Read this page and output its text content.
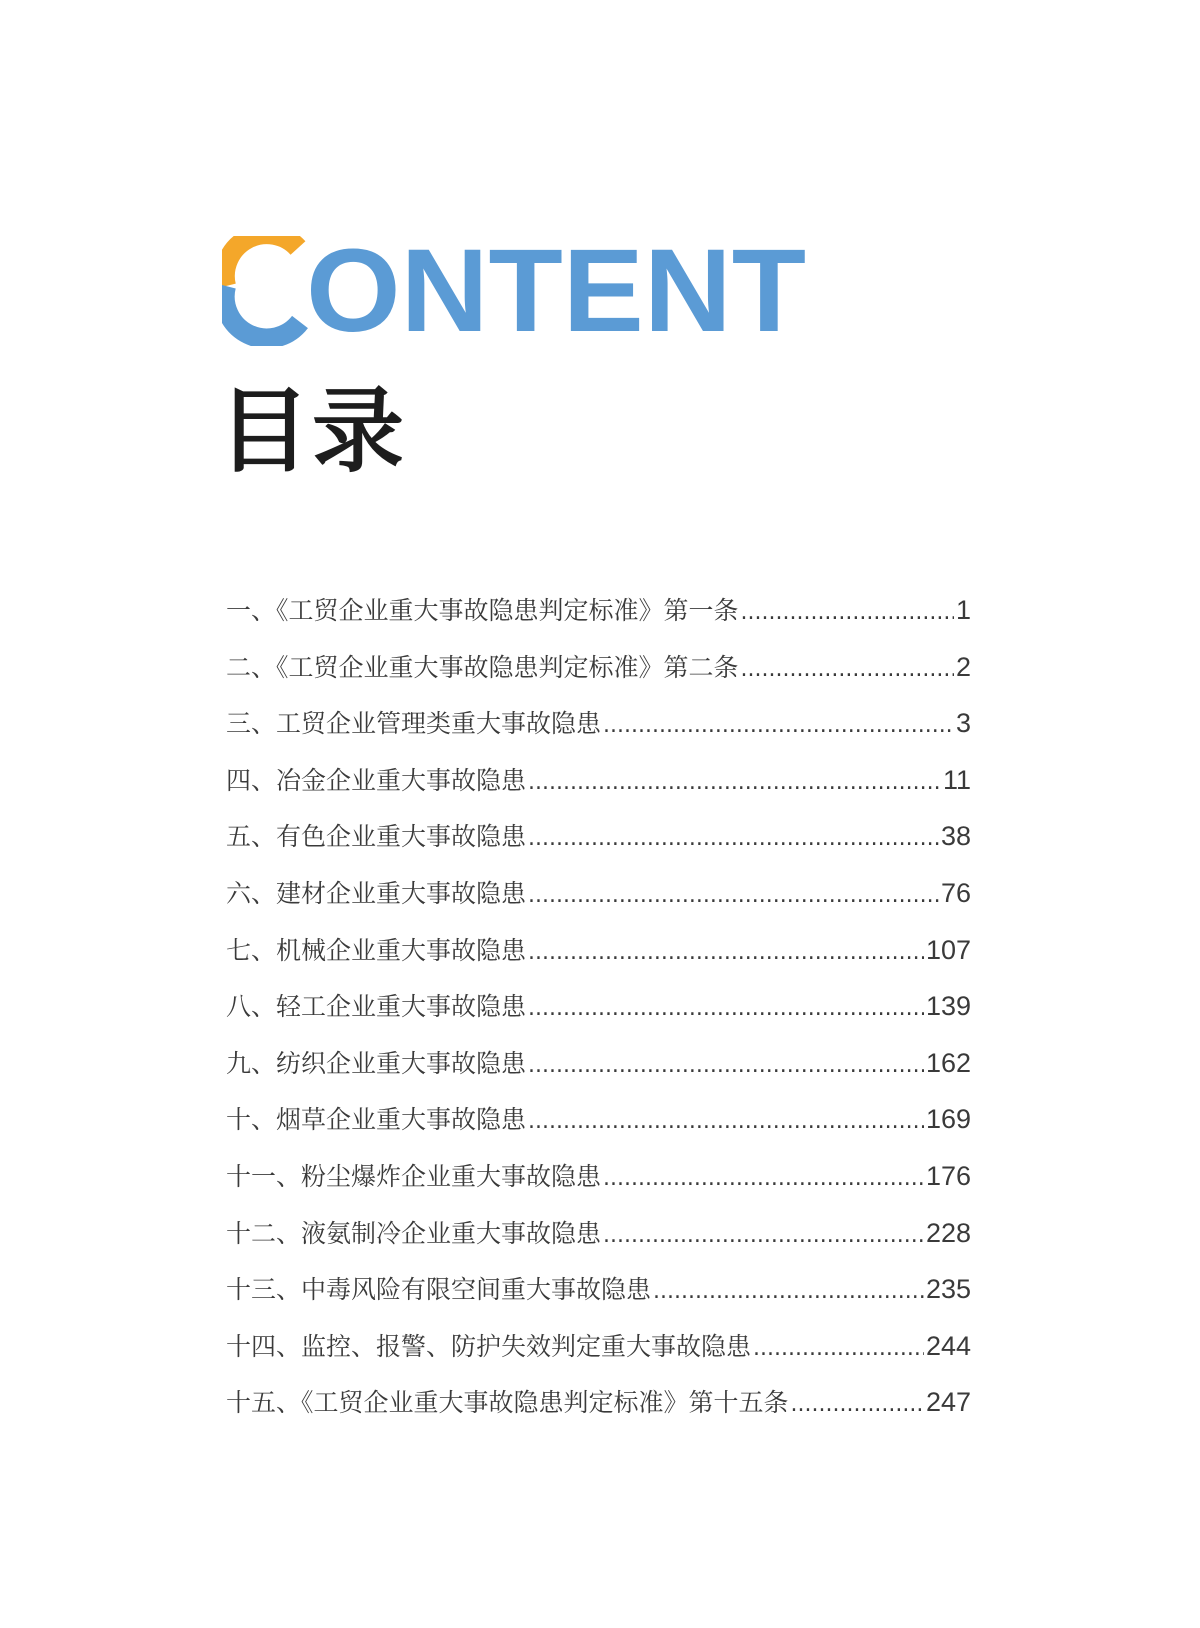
ONTENT
目录
一、《工贸企业重大事故隐患判定标准》第一条 .....	1
二、《工贸企业重大事故隐患判定标准》第二条 .....	2
三、工贸企业管理类重大事故隐患 .....	3
四、冶金企业重大事故隐患 .....	11
五、有色企业重大事故隐患 .....	38
六、建材企业重大事故隐患 .....	76
七、机械企业重大事故隐患 .....	107
八、轻工企业重大事故隐患 .....	139
九、纺织企业重大事故隐患 .....	162
十、烟草企业重大事故隐患 .....	169
十一、粉尘爆炸企业重大事故隐患 .....	176
十二、液氨制冷企业重大事故隐患 .....	228
十三、中毒风险有限空间重大事故隐患 .....	235
十四、监控、报警、防护失效判定重大事故隐患 .....	244
十五、《工贸企业重大事故隐患判定标准》第十五条 .....	247
